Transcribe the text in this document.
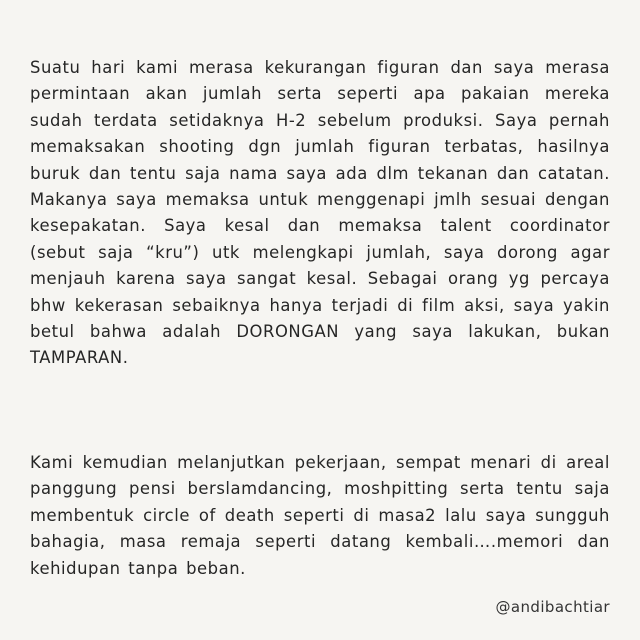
Suatu hari kami merasa kekurangan figuran dan saya merasa permintaan akan jumlah serta seperti apa pakaian mereka sudah terdata setidaknya H-2 sebelum produksi. Saya pernah memaksakan shooting dgn jumlah figuran terbatas, hasilnya buruk dan tentu saja nama saya ada dlm tekanan dan catatan. Makanya saya memaksa untuk menggenapi jmlh sesuai dengan kesepakatan. Saya kesal dan memaksa talent coordinator (sebut saja “kru”) utk melengkapi jumlah, saya dorong agar menjauh karena saya sangat kesal. Sebagai orang yg percaya bhw kekerasan sebaiknya hanya terjadi di film aksi, saya yakin betul bahwa adalah DORONGAN yang saya lakukan, bukan TAMPARAN.

Kami kemudian melanjutkan pekerjaan, sempat menari di areal panggung pensi berslamdancing, moshpitting serta tentu saja membentuk circle of death seperti di masa2 lalu saya sungguh bahagia, masa remaja seperti datang kembali….memori dan kehidupan tanpa beban.

@andibachtiar
